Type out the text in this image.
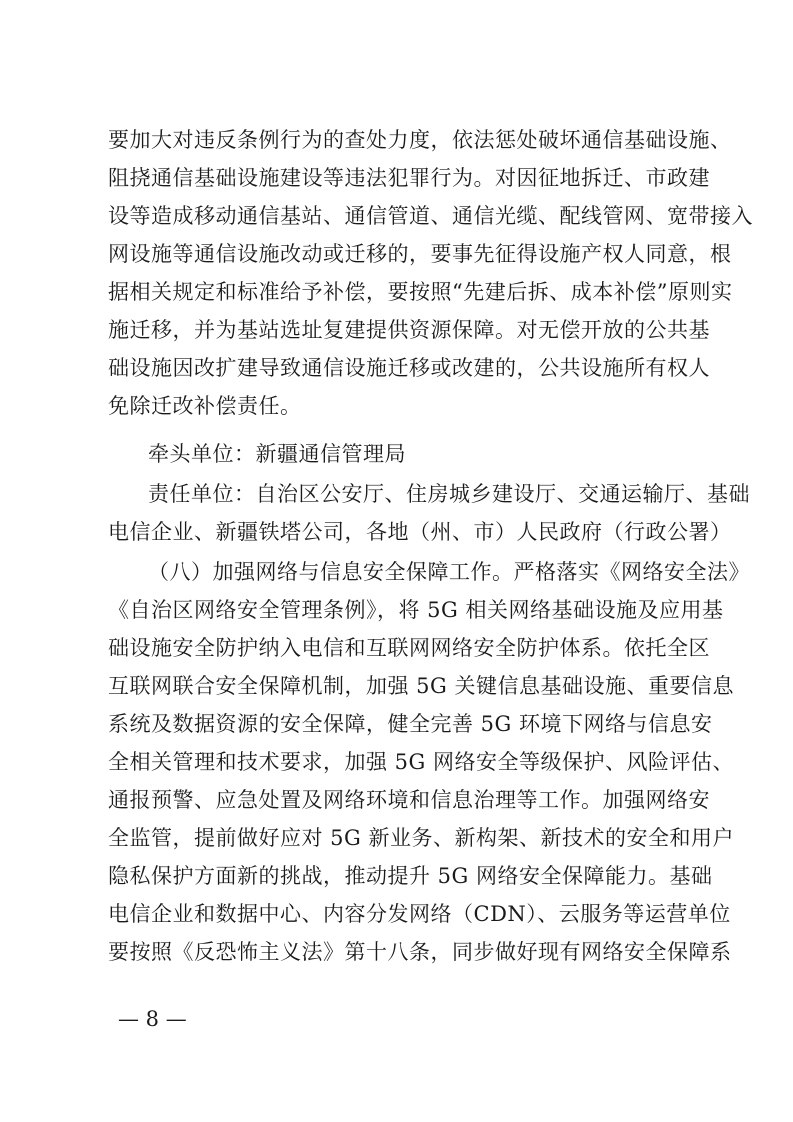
要加大对违反条例行为的查处力度，依法惩处破坏通信基础设施、
阻挠通信基础设施建设等违法犯罪行为。对因征地拆迁、市政建
设等造成移动通信基站、通信管道、通信光缆、配线管网、宽带接入
网设施等通信设施改动或迁移的，要事先征得设施产权人同意，根
据相关规定和标准给予补偿，要按照“先建后拆、成本补偿”原则实
施迁移，并为基站选址复建提供资源保障。对无偿开放的公共基
础设施因改扩建导致通信设施迁移或改建的，公共设施所有权人
免除迁改补偿责任。
牵头单位：新疆通信管理局
责任单位：自治区公安厅、住房城乡建设厅、交通运输厅、基础
电信企业、新疆铁塔公司，各地（州、市）人民政府（行政公署）
（八）加强网络与信息安全保障工作。严格落实《网络安全法》
《自治区网络安全管理条例》，将 5G 相关网络基础设施及应用基
础设施安全防护纳入电信和互联网网络安全防护体系。依托全区
互联网联合安全保障机制，加强 5G 关键信息基础设施、重要信息
系统及数据资源的安全保障，健全完善 5G 环境下网络与信息安
全相关管理和技术要求，加强 5G 网络安全等级保护、风险评估、
通报预警、应急处置及网络环境和信息治理等工作。加强网络安
全监管，提前做好应对 5G 新业务、新构架、新技术的安全和用户
隐私保护方面新的挑战，推动提升 5G 网络安全保障能力。基础
电信企业和数据中心、内容分发网络（CDN）、云服务等运营单位
要按照《反恐怖主义法》第十八条，同步做好现有网络安全保障系
— 8 —
